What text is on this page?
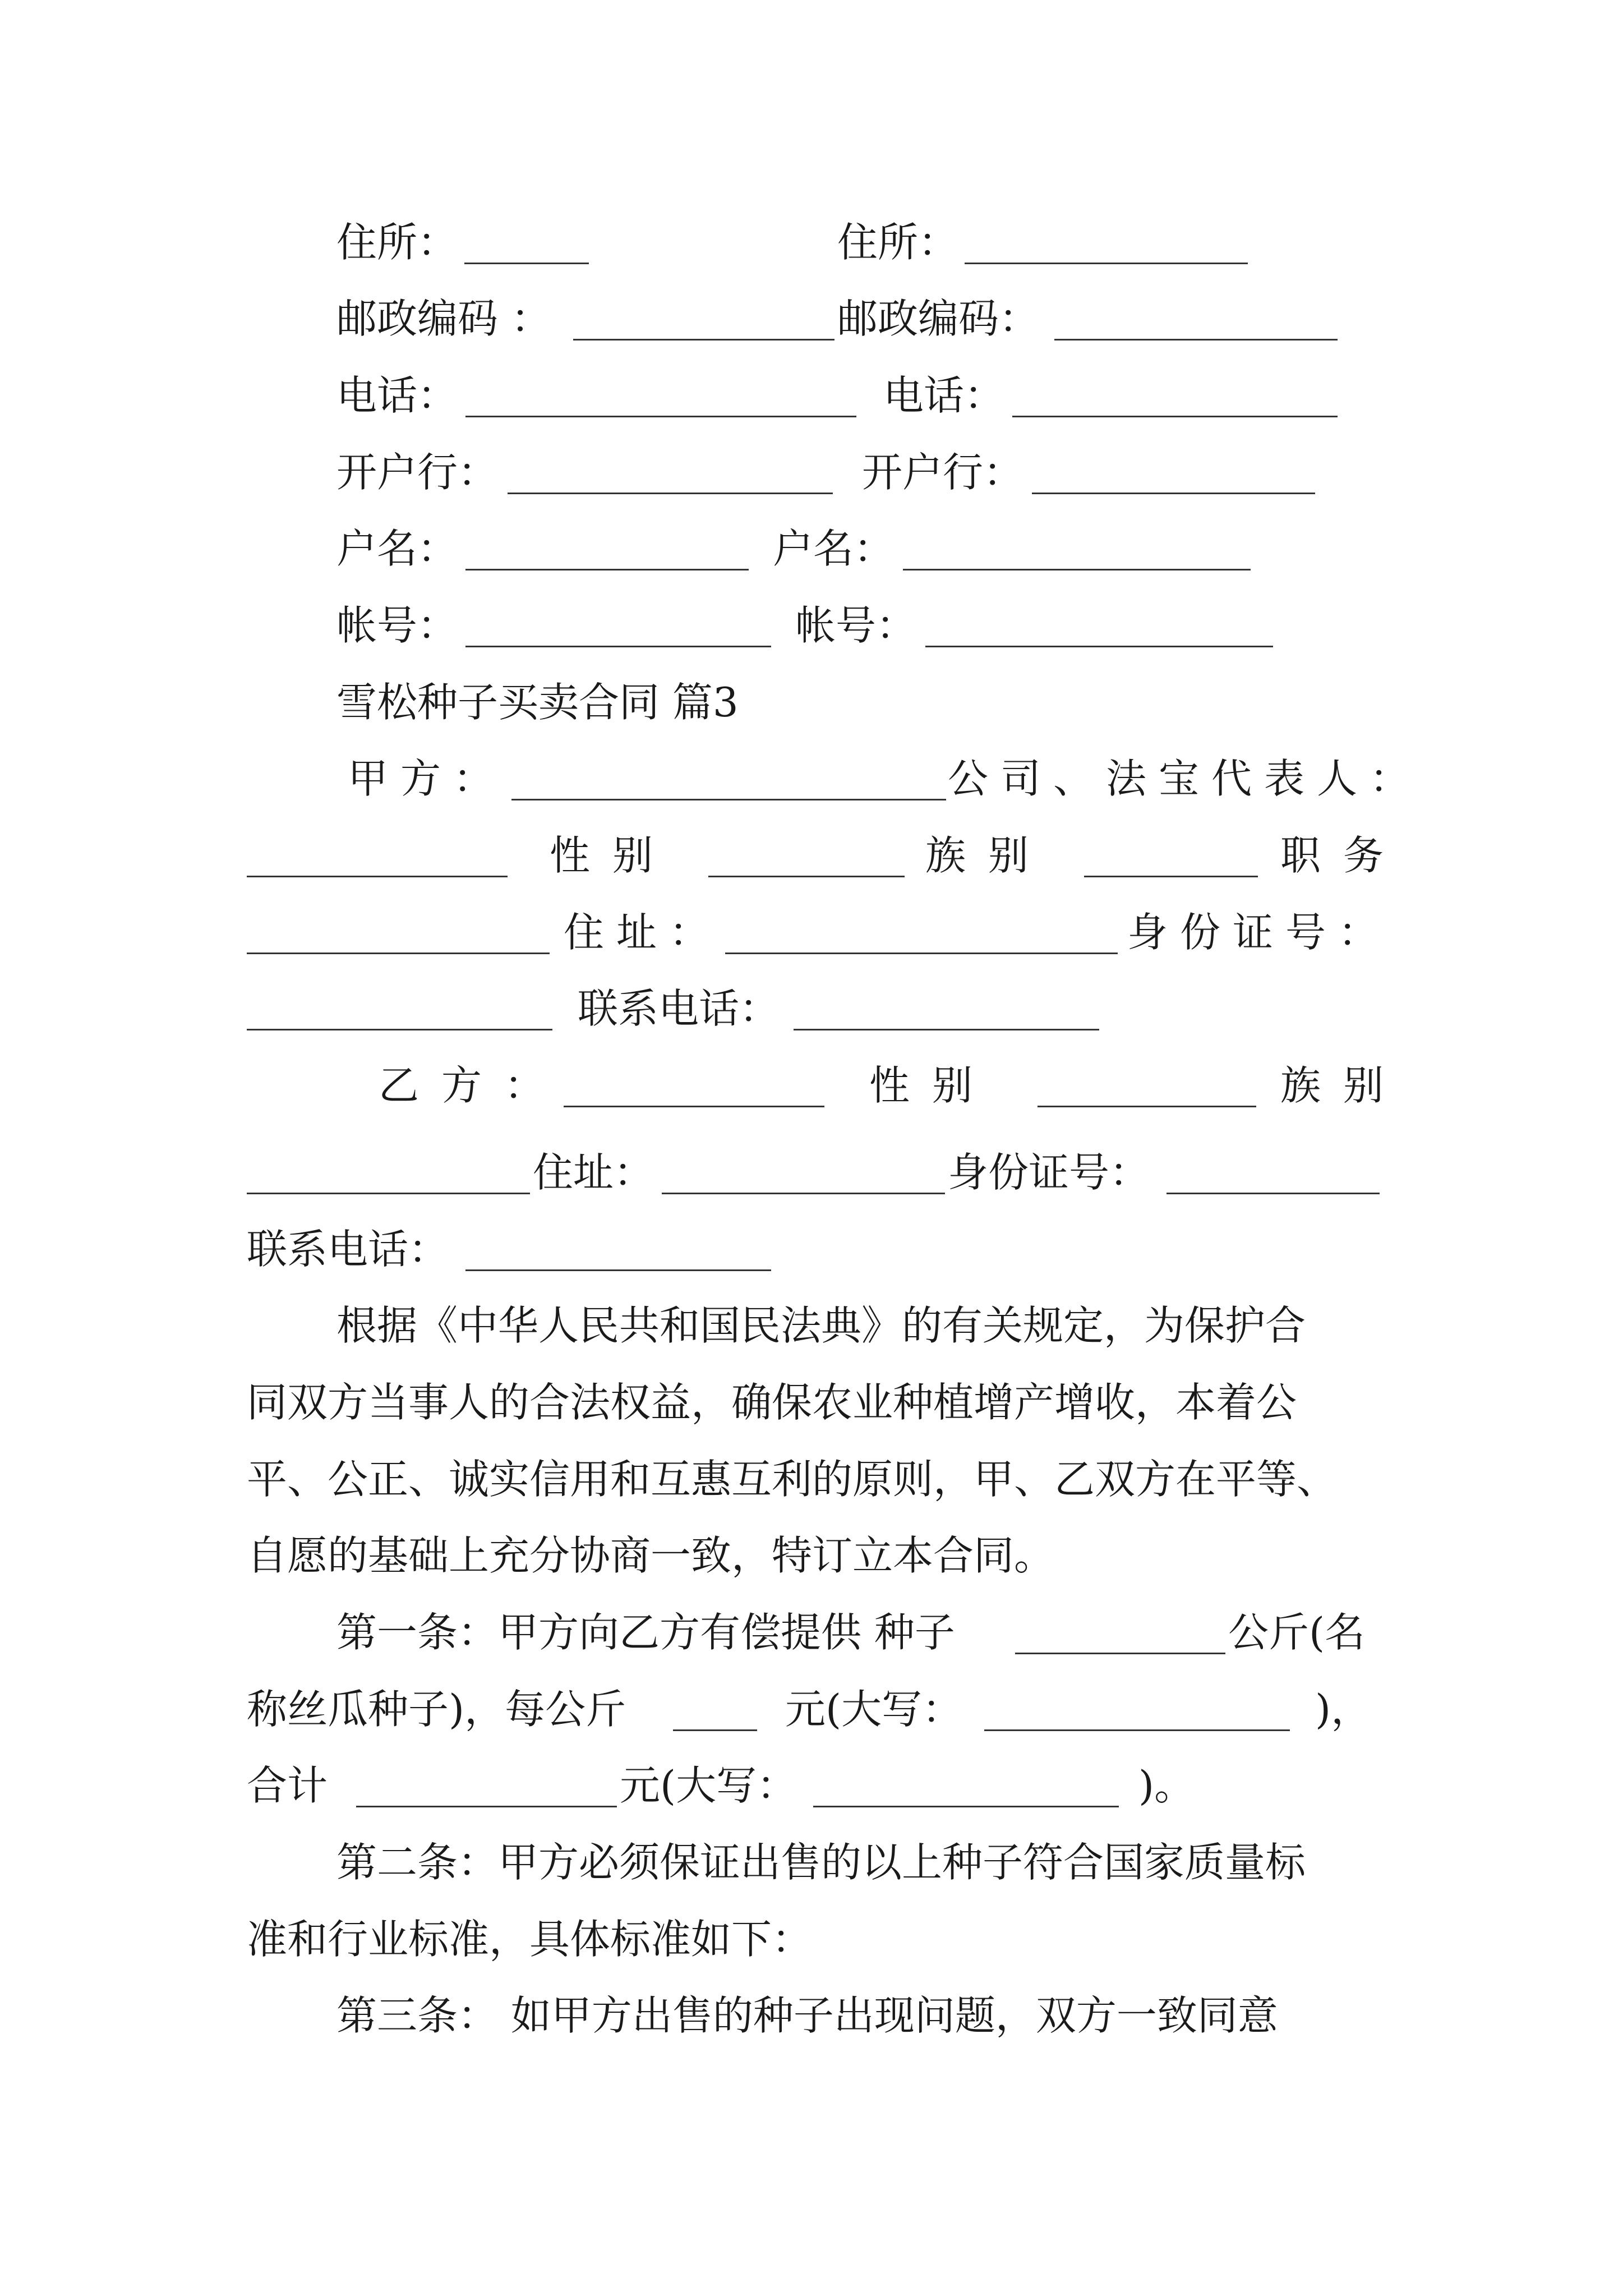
住所：	住所：
邮政编码 ：	邮政编码：
电话：	电话：
开户行：	开户行：
户名：	户名：
帐号：	帐号：
雪松种子买卖合同 篇3
甲方：	公司、法宝代表人：
性别	族别	职务
住址：	身份证号：
联系电话：
乙方：	性别	族别
住址：	身份证号：
联系电话：
根据《中华人民共和国民法典》的有关规定，为保护合
同双方当事人的合法权益，确保农业种植增产增收，本着公
平、公正、诚实信用和互惠互利的原则，甲、乙双方在平等、
自愿的基础上充分协商一致，特订立本合同。
第一条：甲方向乙方有偿提供 种子	公斤(名
称丝瓜种子)，每公斤	元(大写：	)，
合计	元(大写：	)。
第二条：甲方必须保证出售的以上种子符合国家质量标
准和行业标准，具体标准如下：
第三条： 如甲方出售的种子出现问题，双方一致同意
